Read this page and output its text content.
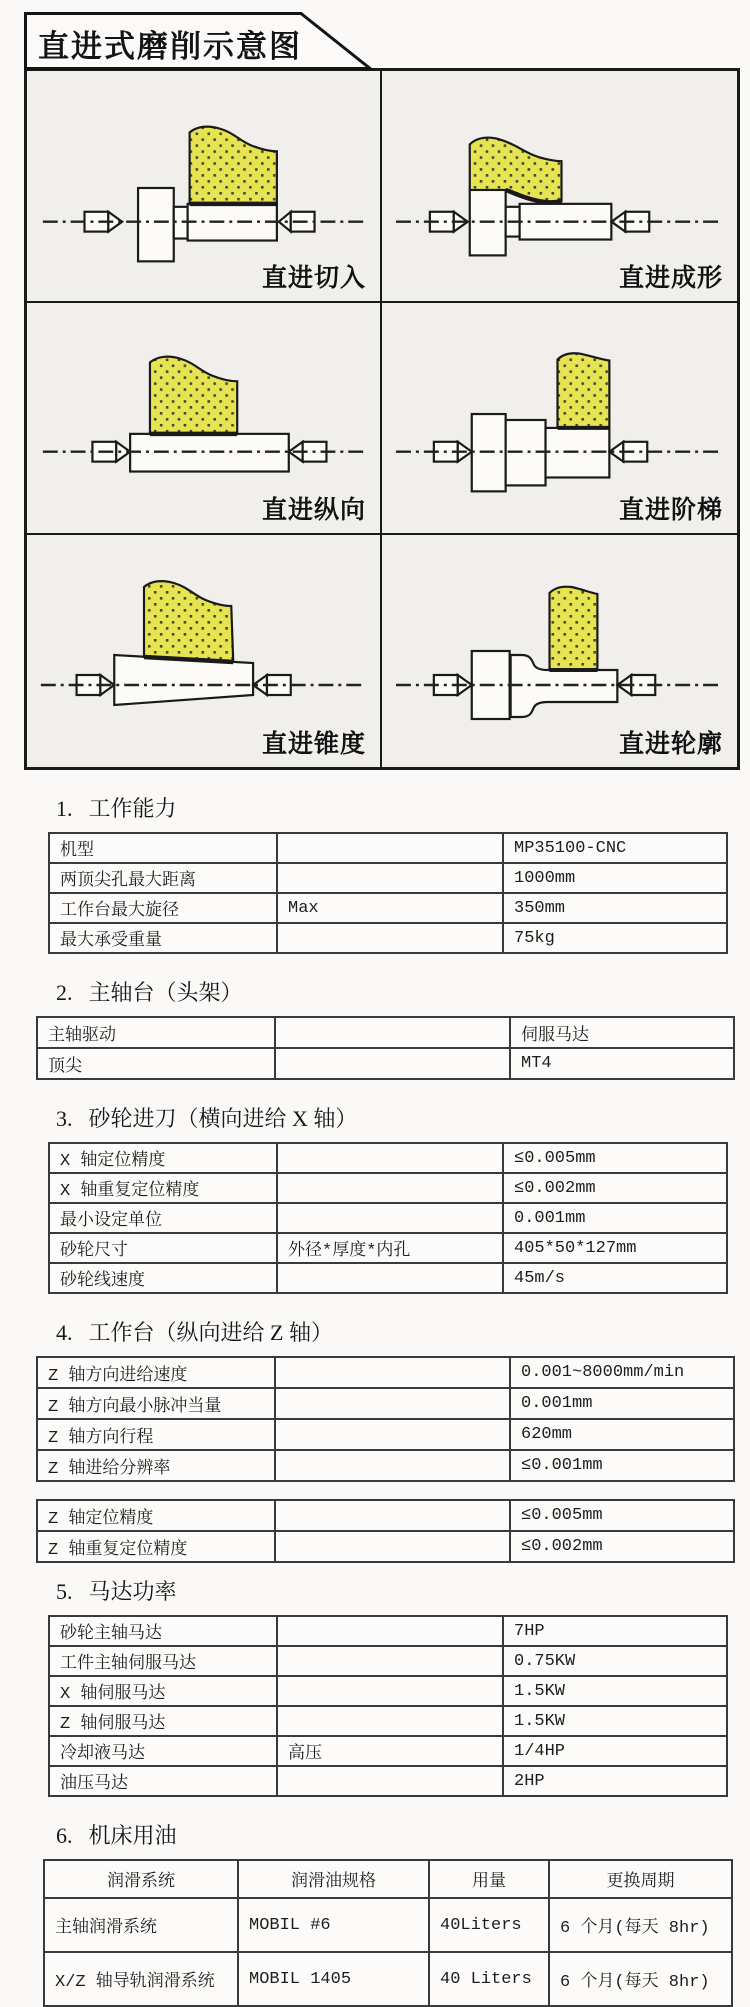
直进式磨削示意图
直进切入	直进成形
直进纵向	直进阶梯
直进锥度	直进轮廓
1. 工作能力
机型		MP35100-CNC
两顶尖孔最大距离		1000mm
工作台最大旋径	Max	350mm
最大承受重量		75kg
2. 主轴台（头架）
主轴驱动		伺服马达
顶尖		MT4
3. 砂轮进刀（横向进给 X 轴）
X 轴定位精度		≤0.005mm
X 轴重复定位精度		≤0.002mm
最小设定单位		0.001mm
砂轮尺寸	外径*厚度*内孔	405*50*127mm
砂轮线速度		45m/s
4. 工作台（纵向进给 Z 轴）
Z 轴方向进给速度		0.001~8000mm/min
Z 轴方向最小脉冲当量		0.001mm
Z 轴方向行程		620mm
Z 轴进给分辨率		≤0.001mm
Z 轴定位精度		≤0.005mm
Z 轴重复定位精度		≤0.002mm
5. 马达功率
砂轮主轴马达		7HP
工件主轴伺服马达		0.75KW
X 轴伺服马达		1.5KW
Z 轴伺服马达		1.5KW
冷却液马达	高压	1/4HP
油压马达		2HP
6. 机床用油
润滑系统	润滑油规格	用量	更换周期
主轴润滑系统	MOBIL #6	40Liters	6 个月(每天 8hr)
X/Z 轴导轨润滑系统	MOBIL 1405	40 Liters	6 个月(每天 8hr)
